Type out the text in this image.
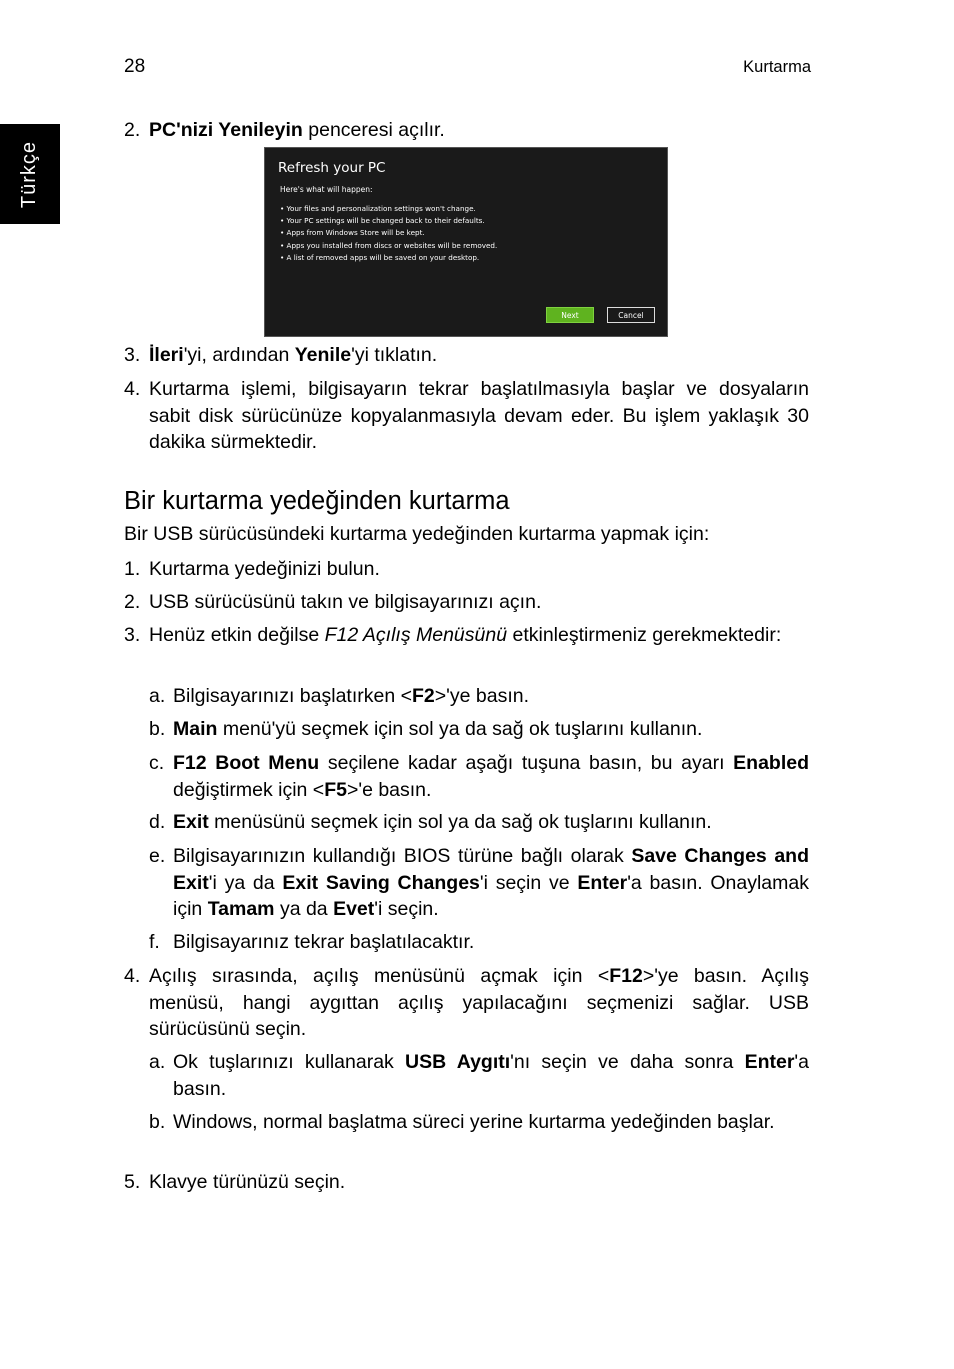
28	Kurtarma
Türkçe
2. PC'nizi Yenileyin penceresi açılır.
3. İleri'yi, ardından Yenile'yi tıklatın.
4. Kurtarma işlemi, bilgisayarın tekrar başlatılmasıyla başlar ve dosyaların sabit disk sürücünüze kopyalanmasıyla devam eder. Bu işlem yaklaşık 30 dakika sürmektedir.
Bir kurtarma yedeğinden kurtarma
Bir USB sürücüsündeki kurtarma yedeğinden kurtarma yapmak için:
1. Kurtarma yedeğinizi bulun.
2. USB sürücüsünü takın ve bilgisayarınızı açın.
3. Henüz etkin değilse F12 Açılış Menüsünü etkinleştirmeniz gerekmektedir:
a. Bilgisayarınızı başlatırken <F2>'ye basın.
b. Main menü'yü seçmek için sol ya da sağ ok tuşlarını kullanın.
c. F12 Boot Menu seçilene kadar aşağı tuşuna basın, bu ayarı Enabled değiştirmek için <F5>'e basın.
d. Exit menüsünü seçmek için sol ya da sağ ok tuşlarını kullanın.
e. Bilgisayarınızın kullandığı BIOS türüne bağlı olarak Save Changes and Exit'i ya da Exit Saving Changes'i seçin ve Enter'a basın. Onaylamak için Tamam ya da Evet'i seçin.
f. Bilgisayarınız tekrar başlatılacaktır.
4. Açılış sırasında, açılış menüsünü açmak için <F12>'ye basın. Açılış menüsü, hangi aygıttan açılış yapılacağını seçmenizi sağlar. USB sürücüsünü seçin.
a. Ok tuşlarınızı kullanarak USB Aygıtı'nı seçin ve daha sonra Enter'a basın.
b. Windows, normal başlatma süreci yerine kurtarma yedeğinden başlar.
5. Klavye türünüzü seçin.
Refresh your PC
Here's what will happen:
• Your files and personalization settings won't change.
• Your PC settings will be changed back to their defaults.
• Apps from Windows Store will be kept.
• Apps you installed from discs or websites will be removed.
• A list of removed apps will be saved on your desktop.
Next	Cancel
